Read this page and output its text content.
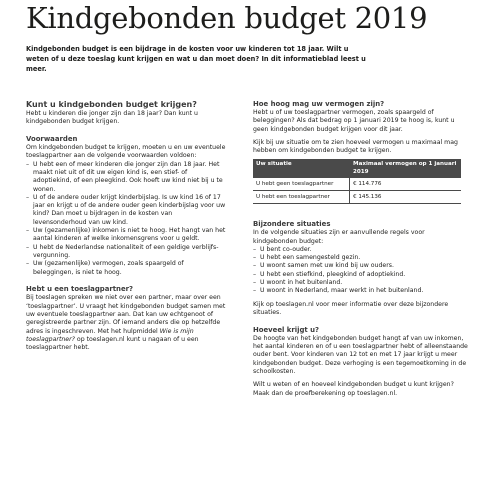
Kindgebonden budget 2019
Kindgebonden budget is een bijdrage in de kosten voor uw kinderen tot 18 jaar. Wilt u weten of u deze toeslag kunt krijgen en wat u dan moet doen? In dit informatieblad leest u meer.
Kunt u kindgebonden budget krijgen?

Hebt u kinderen die jonger zijn dan 18 jaar? Dan kunt u kindgebonden budget krijgen.

Voorwaarden

Om kindgebonden budget te krijgen, moeten u en uw eventuele toeslagpartner aan de volgende voorwaarden voldoen:

– U hebt een of meer kinderen die jonger zijn dan 18 jaar. Het maakt niet uit of dit uw eigen kind is, een stief- of adoptiekind, of een pleegkind. Ook hoeft uw kind niet bij u te wonen.
– U of de andere ouder krijgt kinderbijslag. Is uw kind 16 of 17 jaar en krijgt u of de andere ouder geen kinderbijslag voor uw kind? Dan moet u bijdragen in de kosten van levensonderhoud van uw kind.
– Uw (gezamenlijke) inkomen is niet te hoog. Het hangt van het aantal kinderen af welke inkomensgrens voor u geldt.
– U hebt de Nederlandse nationaliteit of een geldige verblijfs-vergunning.
– Uw (gezamenlijke) vermogen, zoals spaargeld of beleggingen, is niet te hoog.
Hebt u een toeslagpartner?

Bij toeslagen spreken we niet over een partner, maar over een ‘toeslagpartner’. U vraagt het kindgebonden budget samen met uw eventuele toeslagpartner aan. Dat kan uw echtgenoot of geregistreerde partner zijn. Of iemand anders die op hetzelfde adres is ingeschreven. Met het hulpmiddel Wie is mijn toeslagpartner? op toeslagen.nl kunt u nagaan of u een toeslagpartner hebt.

Hoe hoog mag uw vermogen zijn?

Hebt u of uw toeslagpartner vermogen, zoals spaargeld of beleggingen? Als dat bedrag op 1 januari 2019 te hoog is, kunt u geen kindgebonden budget krijgen voor dit jaar.

Kijk bij uw situatie om te zien hoeveel vermogen u maximaal mag hebben om kindgebonden budget te krijgen.

Uw situatie	Maximaal vermogen op 1 januari 2019
U hebt geen toeslagpartner	€ 114.776
U hebt een toeslagpartner	€ 145.136
Bijzondere situaties

In de volgende situaties zijn er aanvullende regels voor kindgebonden budget:

– U bent co-ouder.
– U hebt een samengesteld gezin.
– U woont samen met uw kind bij uw ouders.
– U hebt een stiefkind, pleegkind of adoptiekind.
– U woont in het buitenland.
– U woont in Nederland, maar werkt in het buitenland.

Kijk op toeslagen.nl voor meer informatie over deze bijzondere situaties.

Hoeveel krijgt u?

De hoogte van het kindgebonden budget hangt af van uw inkomen, het aantal kinderen en of u een toeslagpartner hebt of alleenstaande ouder bent. Voor kinderen van 12 tot en met 17 jaar krijgt u meer kindgebonden budget. Deze verhoging is een tegemoetkoming in de schoolkosten.

Wilt u weten of en hoeveel kindgebonden budget u kunt krijgen? Maak dan de proefberekening op toeslagen.nl.
